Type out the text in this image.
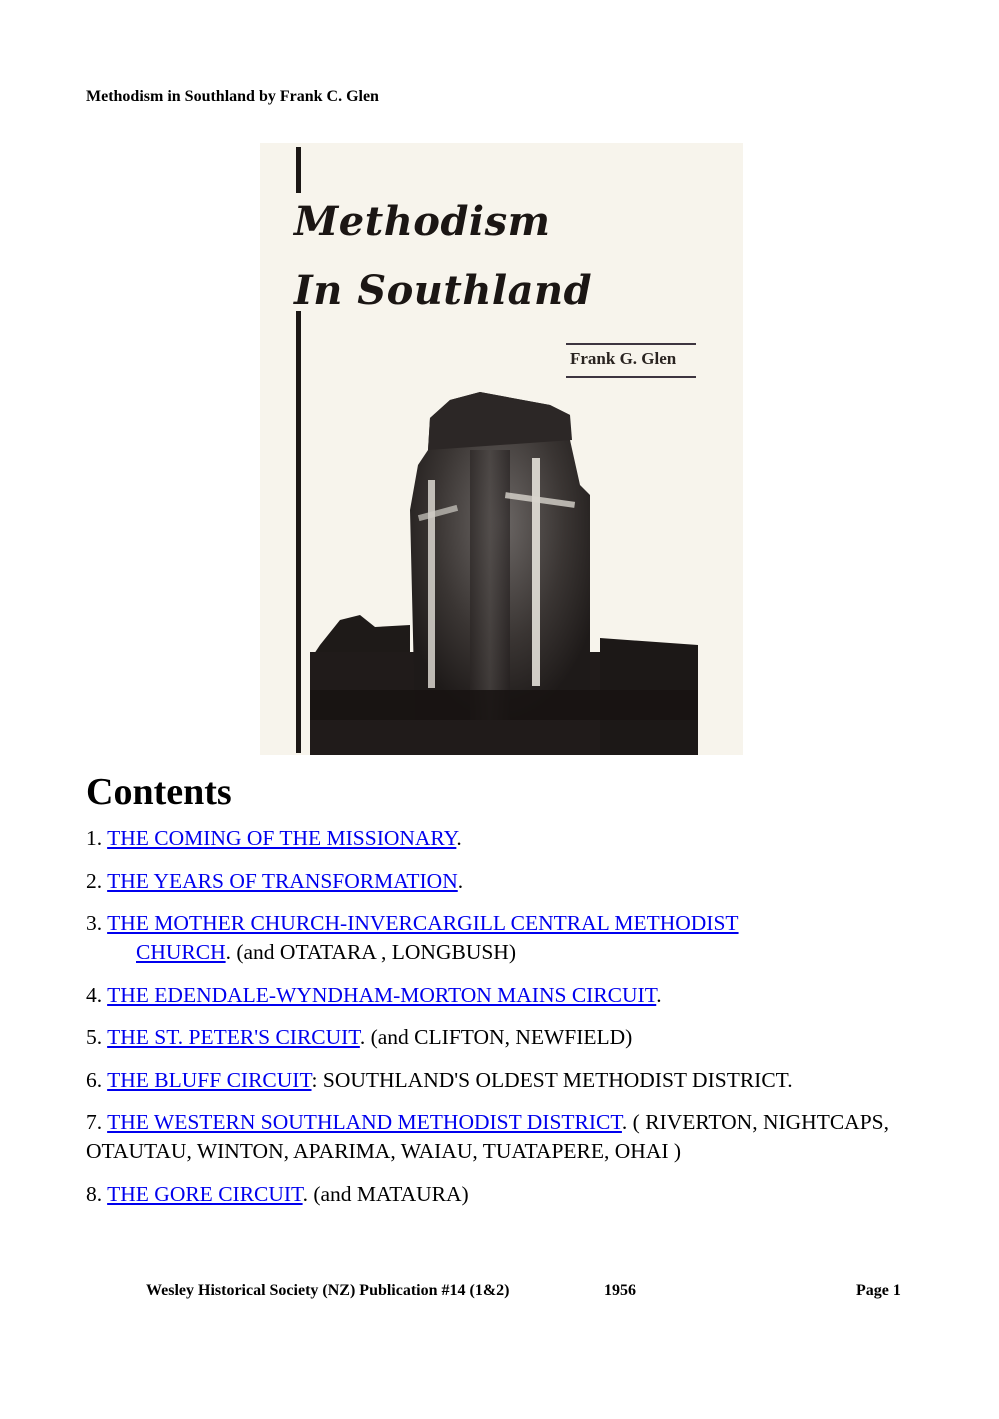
Methodism in Southland by Frank C. Glen
Methodism
In Southland
Frank G. Glen
Contents
1. THE COMING OF THE MISSIONARY.
2. THE YEARS OF TRANSFORMATION.
3. THE MOTHER CHURCH-INVERCARGILL CENTRAL METHODIST
CHURCH. (and OTATARA , LONGBUSH)
4. THE EDENDALE-WYNDHAM-MORTON MAINS CIRCUIT.
5. THE ST. PETER'S CIRCUIT. (and CLIFTON, NEWFIELD)
6. THE BLUFF CIRCUIT: SOUTHLAND'S OLDEST METHODIST DISTRICT.
7. THE WESTERN SOUTHLAND METHODIST DISTRICT. ( RIVERTON, NIGHTCAPS, OTAUTAU, WINTON, APARIMA, WAIAU, TUATAPERE, OHAI )
8. THE GORE CIRCUIT. (and MATAURA)
Wesley Historical Society (NZ) Publication #14 (1&2)	1956	Page 1
